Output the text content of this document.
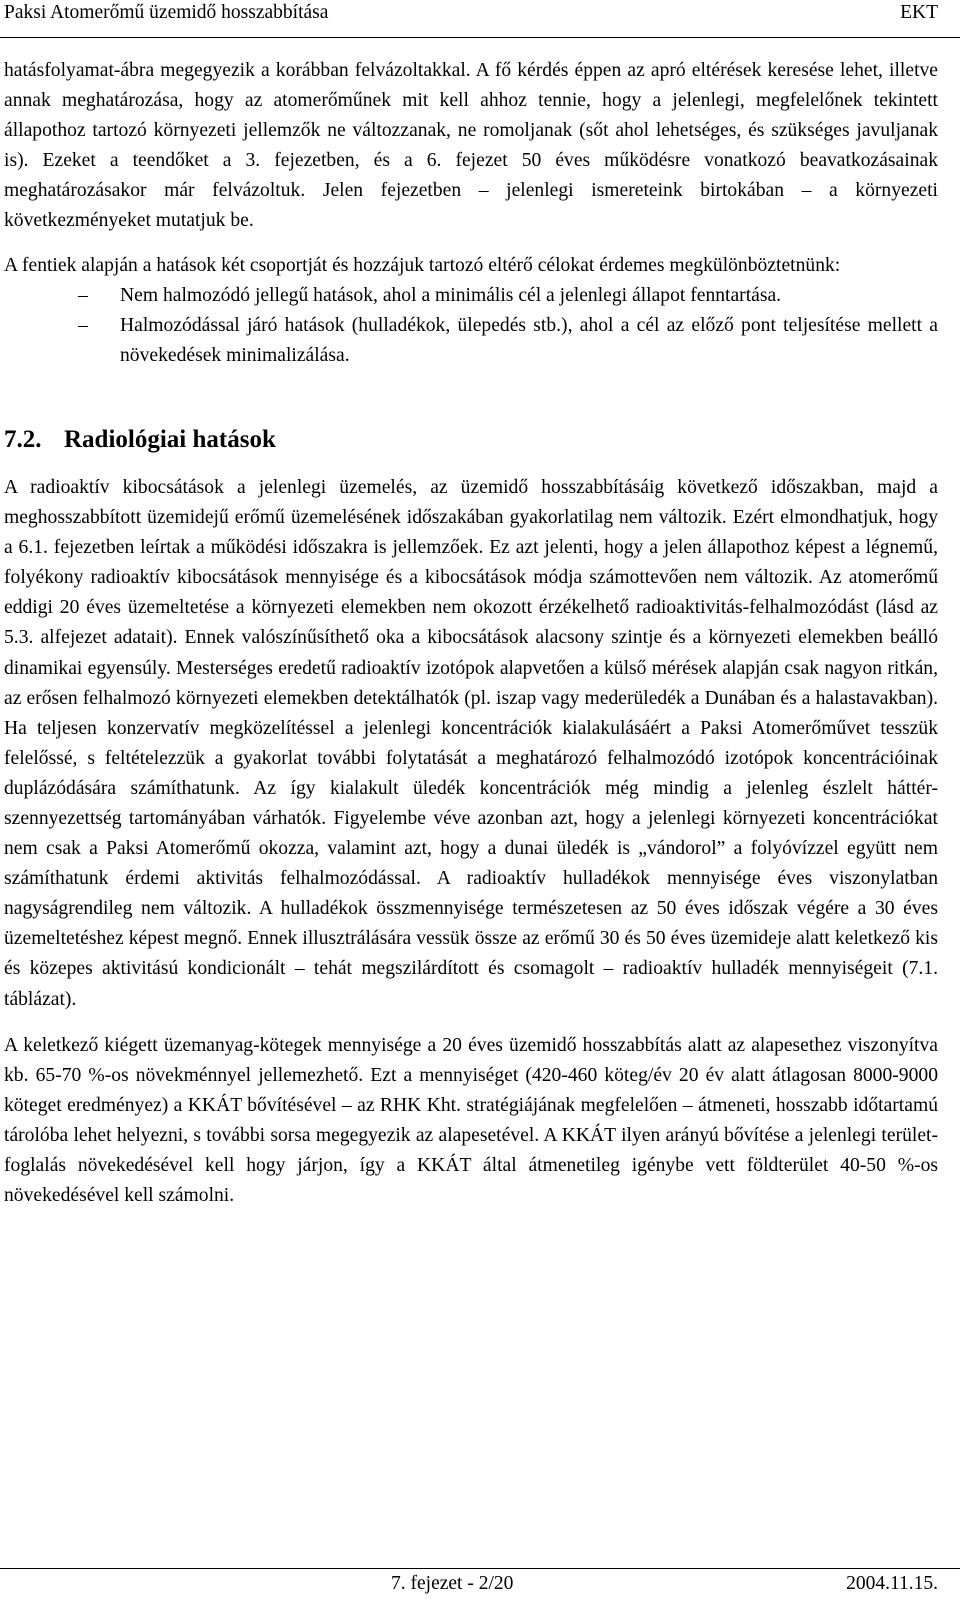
Paksi Atomerőmű üzemidő hosszabbítása	EKT

hatásfolyamat-ábra megegyezik a korábban felvázoltakkal. A fő kérdés éppen az apró eltérések keresése lehet, illetve annak meghatározása, hogy az atomerőműnek mit kell ahhoz tennie, hogy a jelenlegi, megfelelőnek tekintett állapothoz tartozó környezeti jellemzők ne változzanak, ne romoljanak (sőt ahol lehetséges, és szükséges javuljanak is). Ezeket a teendőket a 3. fejezetben, és a 6. fejezet 50 éves működésre vonatkozó beavatkozásainak meghatározásakor már felvázoltuk. Jelen fejezetben – jelenlegi ismereteink birtokában – a környezeti következményeket mutatjuk be.

A fentiek alapján a hatások két csoportját és hozzájuk tartozó eltérő célokat érdemes megkülönböztetnünk:

– Nem halmozódó jellegű hatások, ahol a minimális cél a jelenlegi állapot fenntartása.
– Halmozódással járó hatások (hulladékok, ülepedés stb.), ahol a cél az előző pont teljesítése mellett a növekedések minimalizálása.
7.2. Radiológiai hatások

A radioaktív kibocsátások a jelenlegi üzemelés, az üzemidő hosszabbításáig következő időszakban, majd a meghosszabbított üzemidejű erőmű üzemelésének időszakában gyakorlatilag nem változik. Ezért elmondhatjuk, hogy a 6.1. fejezetben leírtak a működési időszakra is jellemzőek. Ez azt jelenti, hogy a jelen állapothoz képest a légnemű, folyékony radioaktív kibocsátások mennyisége és a kibocsátások módja számottevően nem változik. Az atomerőmű eddigi 20 éves üzemeltetése a környezeti elemekben nem okozott érzékelhető radioaktivitás-felhalmozódást (lásd az 5.3. alfejezet adatait). Ennek valószínűsíthető oka a kibocsátások alacsony szintje és a környezeti elemekben beálló dinamikai egyensúly. Mesterséges eredetű radioaktív izotópok alapvetően a külső mérések alapján csak nagyon ritkán, az erősen felhalmozó környezeti elemekben detektálhatók (pl. iszap vagy mederüledék a Dunában és a halastavakban). Ha teljesen konzervatív megközelítéssel a jelenlegi koncentrációk kialakulásáért a Paksi Atomerőművet tesszük felelőssé, s feltételezzük a gyakorlat további folytatását a meghatározó felhalmozódó izotópok koncentrációinak duplázódására számíthatunk. Az így kialakult üledék koncentrációk még mindig a jelenleg észlelt háttér-szennyezettség tartományában várhatók. Figyelembe véve azonban azt, hogy a jelenlegi környezeti koncentrációkat nem csak a Paksi Atomerőmű okozza, valamint azt, hogy a dunai üledék is „vándorol” a folyóvízzel együtt nem számíthatunk érdemi aktivitás felhalmozódással. A radioaktív hulladékok mennyisége éves viszonylatban nagyságrendileg nem változik. A hulladékok összmennyisége természetesen az 50 éves időszak végére a 30 éves üzemeltetéshez képest megnő. Ennek illusztrálására vessük össze az erőmű 30 és 50 éves üzemideje alatt keletkező kis és közepes aktivitású kondicionált – tehát megszilárdított és csomagolt – radioaktív hulladék mennyiségeit (7.1. táblázat).

A keletkező kiégett üzemanyag-kötegek mennyisége a 20 éves üzemidő hosszabbítás alatt az alapesethez viszonyítva kb. 65-70 %-os növekménnyel jellemezhető. Ezt a mennyiséget (420-460 köteg/év 20 év alatt átlagosan 8000-9000 köteget eredményez) a KKÁT bővítésével – az RHK Kht. stratégiájának megfelelően – átmeneti, hosszabb időtartamú tárolóba lehet helyezni, s további sorsa megegyezik az alapesetével. A KKÁT ilyen arányú bővítése a jelenlegi terület-foglalás növekedésével kell hogy járjon, így a KKÁT által átmenetileg igénybe vett földterület 40-50 %-os növekedésével kell számolni.

7. fejezet - 2/20	2004.11.15.
